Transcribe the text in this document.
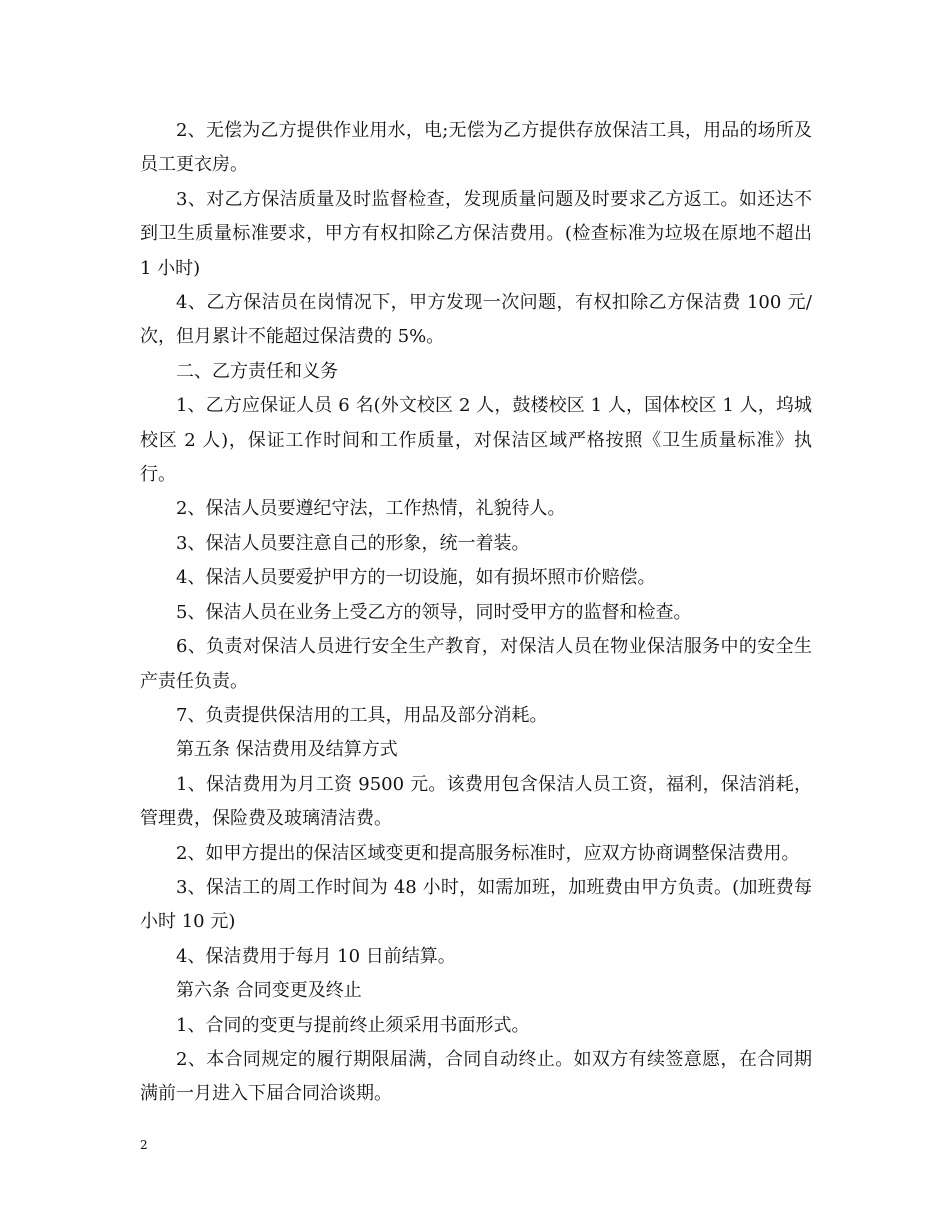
2、无偿为乙方提供作业用水，电;无偿为乙方提供存放保洁工具，用品的场所及员工更衣房。

3、对乙方保洁质量及时监督检查，发现质量问题及时要求乙方返工。如还达不到卫生质量标准要求，甲方有权扣除乙方保洁费用。(检查标准为垃圾在原地不超出 1 小时)

4、乙方保洁员在岗情况下，甲方发现一次问题，有权扣除乙方保洁费 100 元/次，但月累计不能超过保洁费的 5%。

二、乙方责任和义务

1、乙方应保证人员 6 名(外文校区 2 人，鼓楼校区 1 人，国体校区 1 人，坞城校区 2 人)，保证工作时间和工作质量，对保洁区域严格按照《卫生质量标准》执行。

2、保洁人员要遵纪守法，工作热情，礼貌待人。

3、保洁人员要注意自己的形象，统一着装。

4、保洁人员要爱护甲方的一切设施，如有损坏照市价赔偿。

5、保洁人员在业务上受乙方的领导，同时受甲方的监督和检查。

6、负责对保洁人员进行安全生产教育，对保洁人员在物业保洁服务中的安全生产责任负责。

7、负责提供保洁用的工具，用品及部分消耗。

第五条 保洁费用及结算方式

1、保洁费用为月工资 9500 元。该费用包含保洁人员工资，福利，保洁消耗，管理费，保险费及玻璃清洁费。

2、如甲方提出的保洁区域变更和提高服务标准时，应双方协商调整保洁费用。

3、保洁工的周工作时间为 48 小时，如需加班，加班费由甲方负责。(加班费每小时 10 元)

4、保洁费用于每月 10 日前结算。

第六条 合同变更及终止

1、合同的变更与提前终止须采用书面形式。

2、本合同规定的履行期限届满，合同自动终止。如双方有续签意愿，在合同期满前一月进入下届合同洽谈期。

2
